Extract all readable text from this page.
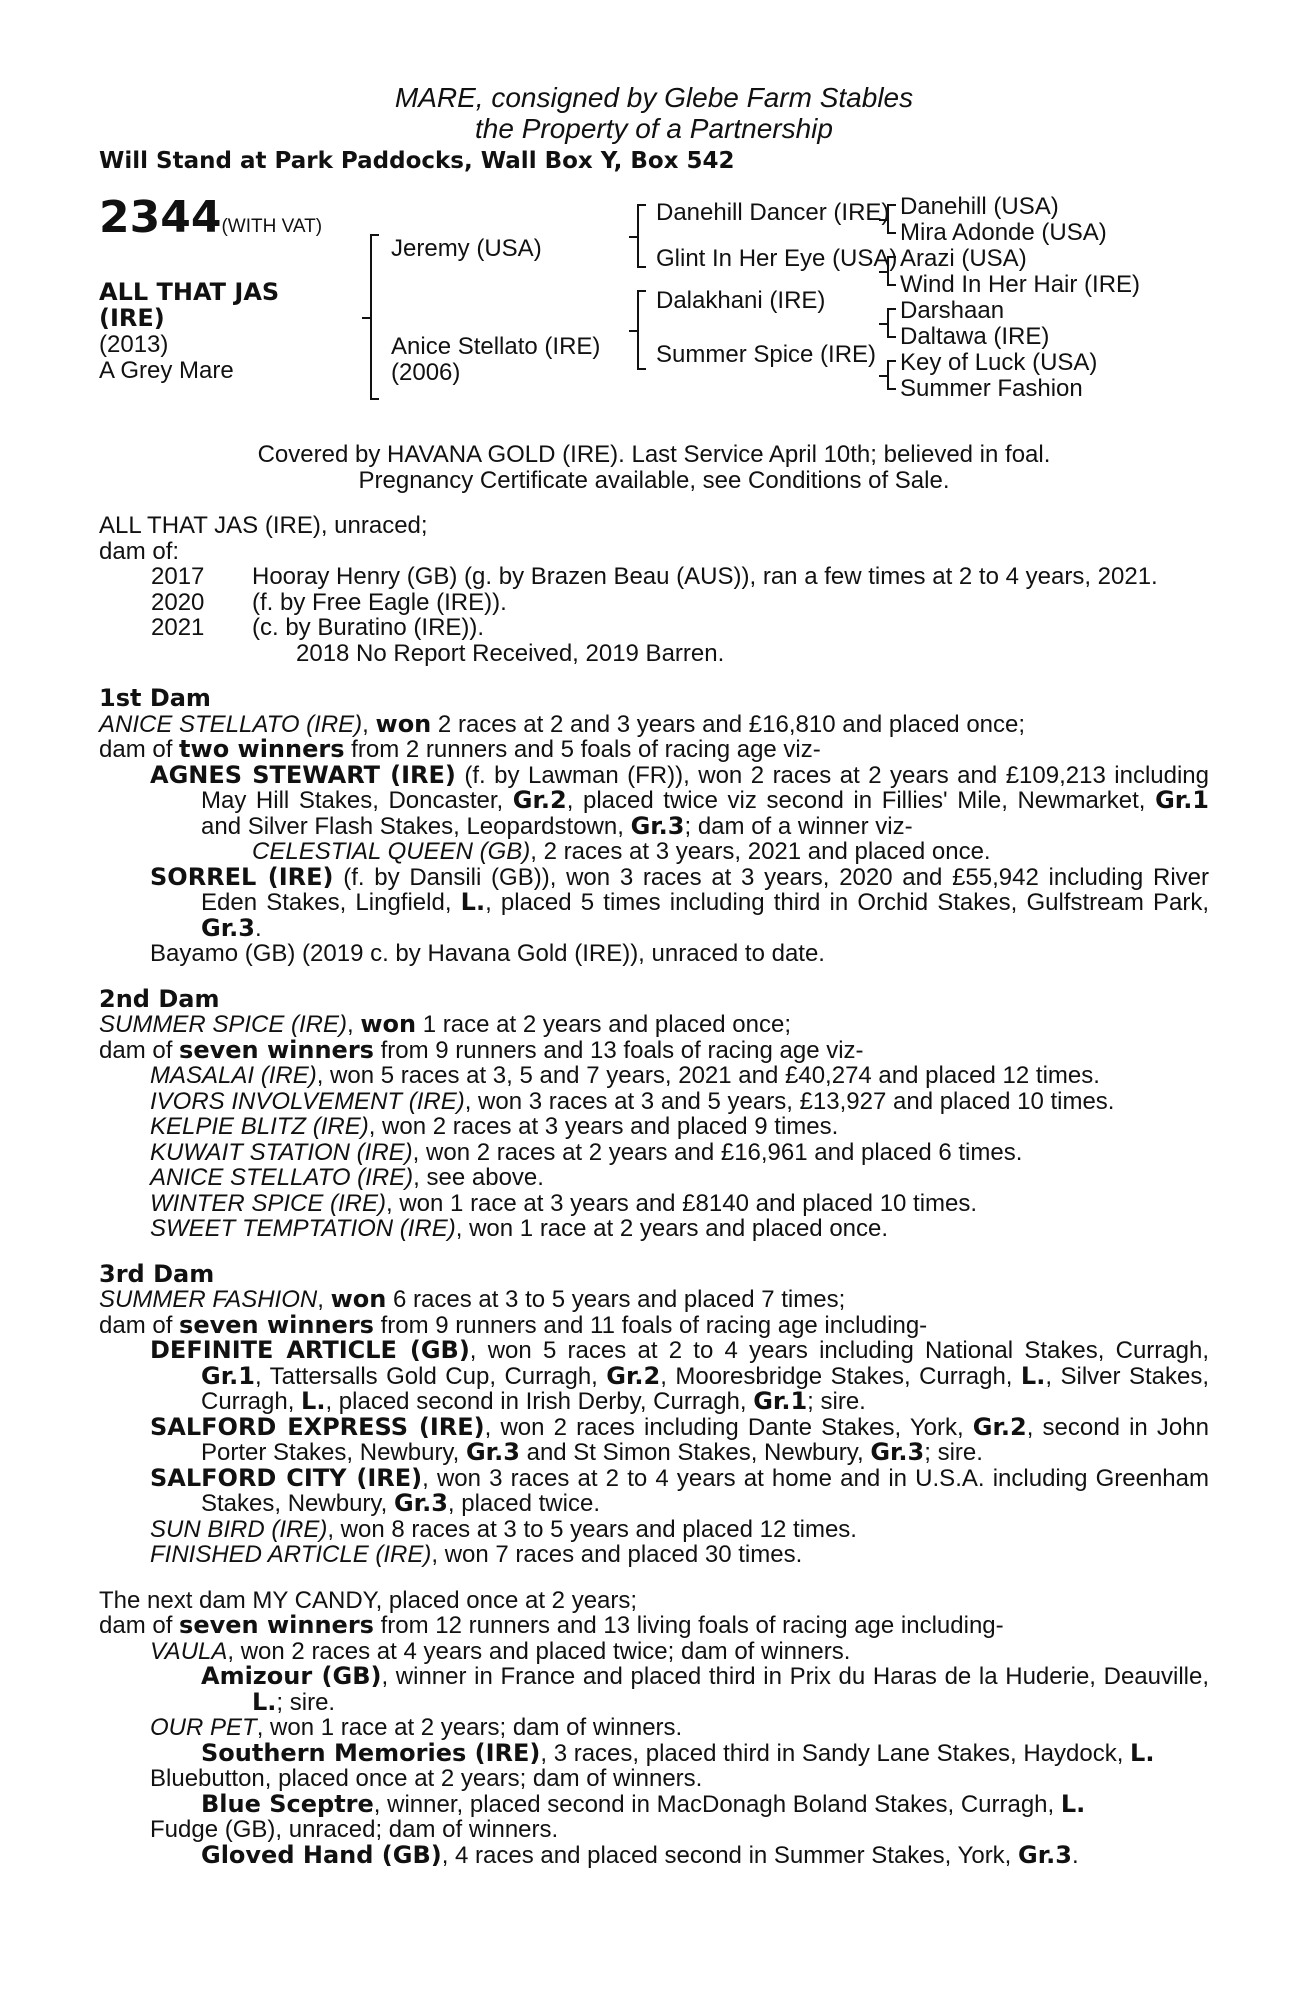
MARE, consigned by Glebe Farm Stables
the Property of a Partnership
Will Stand at Park Paddocks, Wall Box Y, Box 542
2344(WITH VAT)
ALL THAT JAS
(IRE)
(2013)
A Grey Mare
Jeremy (USA)
Anice Stellato (IRE)
(2006)
Danehill Dancer (IRE)
Glint In Her Eye (USA)
Dalakhani (IRE)
Summer Spice (IRE)
Danehill (USA)
Mira Adonde (USA)
Arazi (USA)
Wind In Her Hair (IRE)
Darshaan
Daltawa (IRE)
Key of Luck (USA)
Summer Fashion
Covered by HAVANA GOLD (IRE). Last Service April 10th; believed in foal.
Pregnancy Certificate available, see Conditions of Sale.
ALL THAT JAS (IRE), unraced;
dam of:
2017	Hooray Henry (GB) (g. by Brazen Beau (AUS)), ran a few times at 2 to 4 years, 2021.
2020	(f. by Free Eagle (IRE)).
2021	(c. by Buratino (IRE)).
2018 No Report Received, 2019 Barren.
1st Dam
ANICE STELLATO (IRE), won 2 races at 2 and 3 years and £16,810 and placed once;
dam of two winners from 2 runners and 5 foals of racing age viz-
AGNES STEWART (IRE) (f. by Lawman (FR)), won 2 races at 2 years and £109,213 including May Hill Stakes, Doncaster, Gr.2, placed twice viz second in Fillies' Mile, Newmarket, Gr.1 and Silver Flash Stakes, Leopardstown, Gr.3; dam of a winner viz-
CELESTIAL QUEEN (GB), 2 races at 3 years, 2021 and placed once.
SORREL (IRE) (f. by Dansili (GB)), won 3 races at 3 years, 2020 and £55,942 including River Eden Stakes, Lingfield, L., placed 5 times including third in Orchid Stakes, Gulfstream Park, Gr.3.
Bayamo (GB) (2019 c. by Havana Gold (IRE)), unraced to date.
2nd Dam
SUMMER SPICE (IRE), won 1 race at 2 years and placed once;
dam of seven winners from 9 runners and 13 foals of racing age viz-
MASALAI (IRE), won 5 races at 3, 5 and 7 years, 2021 and £40,274 and placed 12 times.
IVORS INVOLVEMENT (IRE), won 3 races at 3 and 5 years, £13,927 and placed 10 times.
KELPIE BLITZ (IRE), won 2 races at 3 years and placed 9 times.
KUWAIT STATION (IRE), won 2 races at 2 years and £16,961 and placed 6 times.
ANICE STELLATO (IRE), see above.
WINTER SPICE (IRE), won 1 race at 3 years and £8140 and placed 10 times.
SWEET TEMPTATION (IRE), won 1 race at 2 years and placed once.
3rd Dam
SUMMER FASHION, won 6 races at 3 to 5 years and placed 7 times;
dam of seven winners from 9 runners and 11 foals of racing age including-
DEFINITE ARTICLE (GB), won 5 races at 2 to 4 years including National Stakes, Curragh, Gr.1, Tattersalls Gold Cup, Curragh, Gr.2, Mooresbridge Stakes, Curragh, L., Silver Stakes, Curragh, L., placed second in Irish Derby, Curragh, Gr.1; sire.
SALFORD EXPRESS (IRE), won 2 races including Dante Stakes, York, Gr.2, second in John Porter Stakes, Newbury, Gr.3 and St Simon Stakes, Newbury, Gr.3; sire.
SALFORD CITY (IRE), won 3 races at 2 to 4 years at home and in U.S.A. including Greenham Stakes, Newbury, Gr.3, placed twice.
SUN BIRD (IRE), won 8 races at 3 to 5 years and placed 12 times.
FINISHED ARTICLE (IRE), won 7 races and placed 30 times.
The next dam MY CANDY, placed once at 2 years;
dam of seven winners from 12 runners and 13 living foals of racing age including-
VAULA, won 2 races at 4 years and placed twice; dam of winners.
Amizour (GB), winner in France and placed third in Prix du Haras de la Huderie, Deauville, L.; sire.
OUR PET, won 1 race at 2 years; dam of winners.
Southern Memories (IRE), 3 races, placed third in Sandy Lane Stakes, Haydock, L.
Bluebutton, placed once at 2 years; dam of winners.
Blue Sceptre, winner, placed second in MacDonagh Boland Stakes, Curragh, L.
Fudge (GB), unraced; dam of winners.
Gloved Hand (GB), 4 races and placed second in Summer Stakes, York, Gr.3.
